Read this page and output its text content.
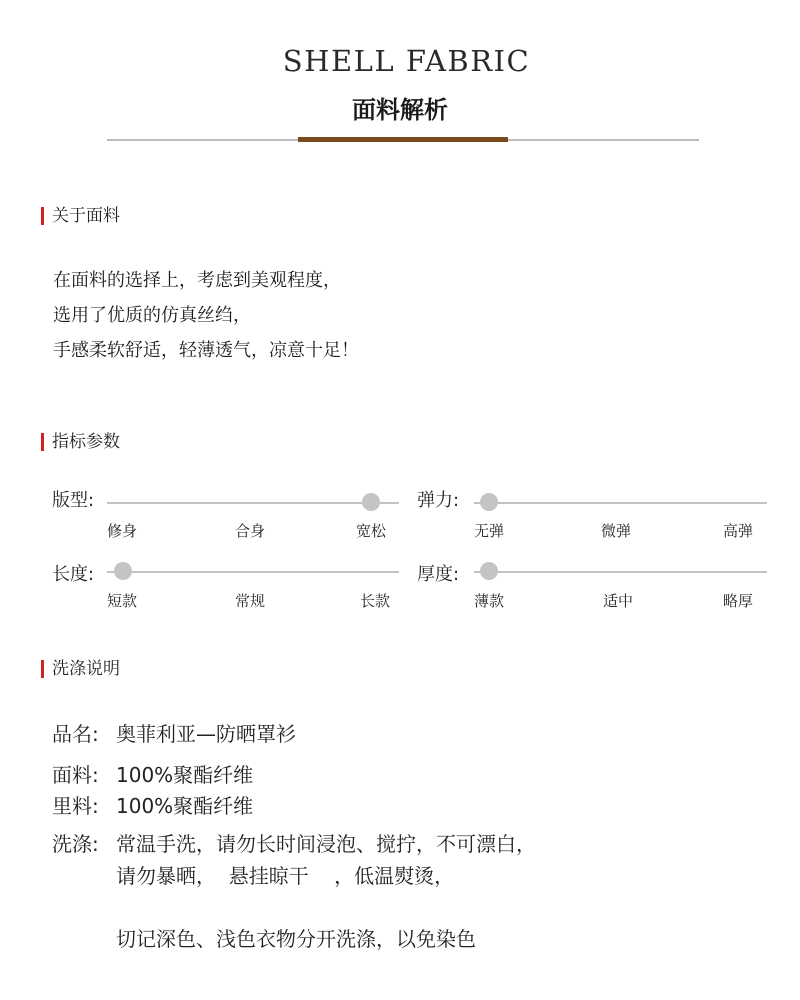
SHELL FABRIC
面料解析
关于面料
在面料的选择上，考虑到美观程度，
选用了优质的仿真丝绉，
手感柔软舒适，轻薄透气，凉意十足！
指标参数
版型:
修身	合身	宽松
弹力:
无弹	微弹	高弹
长度:
短款	常规	长款
厚度:
薄款	适中	略厚
洗涤说明
品名: 奥菲利亚—防晒罩衫
面料: 100%聚酯纤维
里料: 100%聚酯纤维
洗涤: 常温手洗，请勿长时间浸泡、搅拧，不可漂白，
请勿暴晒，  悬挂晾干    ，低温熨烫，
切记深色、浅色衣物分开洗涤，以免染色
